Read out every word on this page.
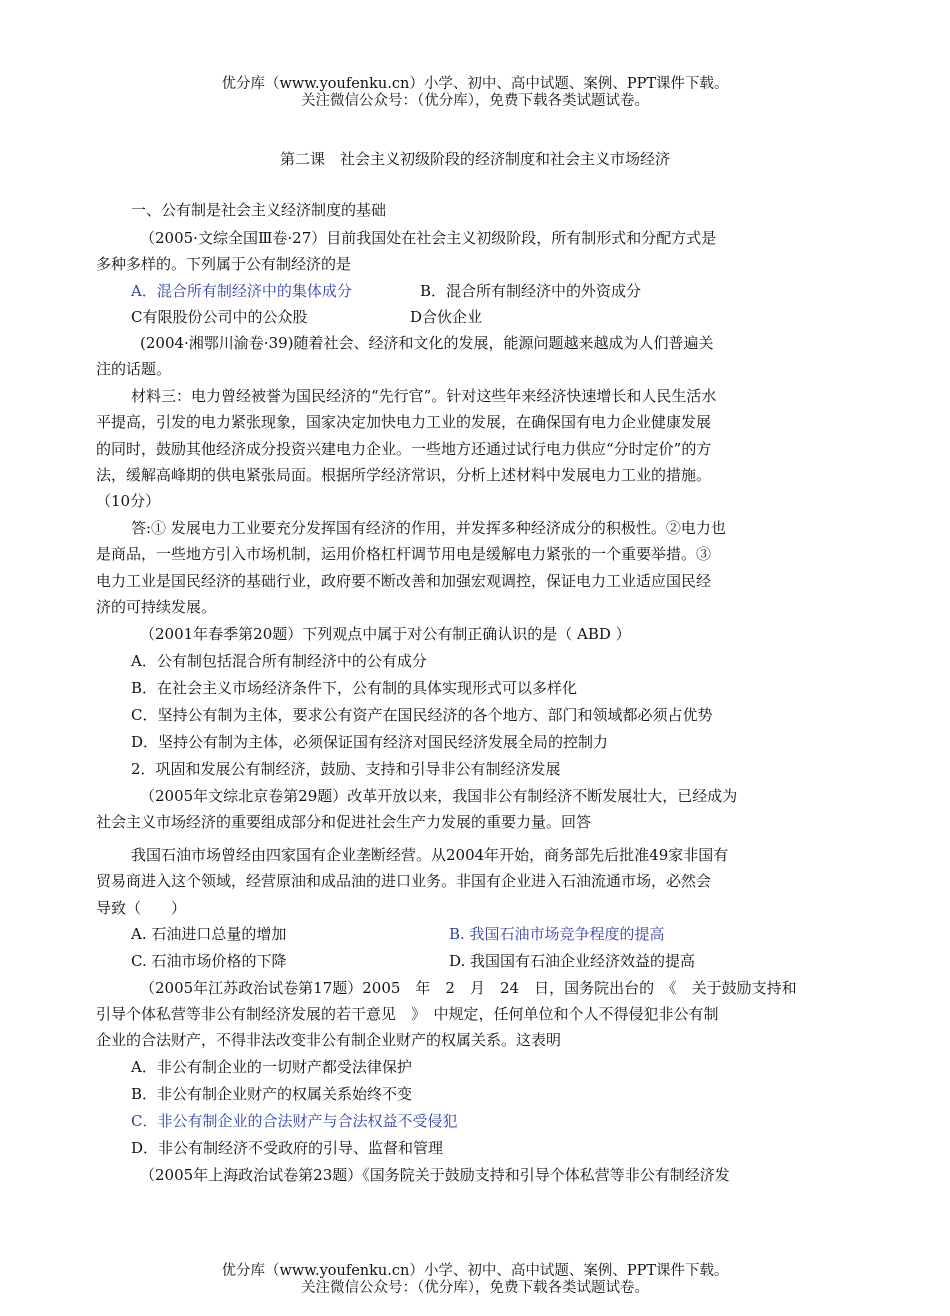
优分库（www.youfenku.cn）小学、初中、高中试题、案例、PPT课件下载。
关注微信公众号：（优分库），免费下载各类试题试卷。
第二课　社会主义初级阶段的经济制度和社会主义市场经济
一、公有制是社会主义经济制度的基础
（2005·文综全国Ⅲ卷·27）目前我国处在社会主义初级阶段，所有制形式和分配方式是
多种多样的。下列属于公有制经济的是
A．混合所有制经济中的集体成分	B．混合所有制经济中的外资成分
C有限股份公司中的公众股	D合伙企业
(2004·湘鄂川渝卷·39)随着社会、经济和文化的发展，能源问题越来越成为人们普遍关
注的话题。
材料三：电力曾经被誉为国民经济的“先行官”。针对这些年来经济快速增长和人民生活水
平提高，引发的电力紧张现象，国家决定加快电力工业的发展，在确保国有电力企业健康发展
的同时，鼓励其他经济成分投资兴建电力企业。一些地方还通过试行电力供应“分时定价”的方
法，缓解高峰期的供电紧张局面。根据所学经济常识，分析上述材料中发展电力工业的措施。
（10分）
答:① 发展电力工业要充分发挥国有经济的作用，并发挥多种经济成分的积极性。②电力也
是商品，一些地方引入市场机制，运用价格杠杆调节用电是缓解电力紧张的一个重要举措。③
电力工业是国民经济的基础行业，政府要不断改善和加强宏观调控，保证电力工业适应国民经
济的可持续发展。
（2001年春季第20题）下列观点中属于对公有制正确认识的是（ ABD ）
A．公有制包括混合所有制经济中的公有成分
B．在社会主义市场经济条件下，公有制的具体实现形式可以多样化
C．坚持公有制为主体，要求公有资产在国民经济的各个地方、部门和领域都必须占优势
D．坚持公有制为主体，必须保证国有经济对国民经济发展全局的控制力
2．巩固和发展公有制经济，鼓励、支持和引导非公有制经济发展
（2005年文综北京卷第29题）改革开放以来，我国非公有制经济不断发展壮大，已经成为
社会主义市场经济的重要组成部分和促进社会生产力发展的重要力量。回答
我国石油市场曾经由四家国有企业垄断经营。从2004年开始，商务部先后批准49家非国有
贸易商进入这个领域，经营原油和成品油的进口业务。非国有企业进入石油流通市场，必然会
导致（　　）
A. 石油进口总量的增加	B. 我国石油市场竞争程度的提高
C. 石油市场价格的下降	D. 我国国有石油企业经济效益的提高
（2005年江苏政治试卷第17题）2005　年　2　月　24　日，国务院出台的　《　关于鼓励支持和
引导个体私营等非公有制经济发展的若干意见　》　中规定，任何单位和个人不得侵犯非公有制
企业的合法财产，不得非法改变非公有制企业财产的权属关系。这表明
A．非公有制企业的一切财产都受法律保护
B．非公有制企业财产的权属关系始终不变
C．非公有制企业的合法财产与合法权益不受侵犯
D．非公有制经济不受政府的引导、监督和管理
（2005年上海政治试卷第23题）《国务院关于鼓励支持和引导个体私营等非公有制经济发
优分库（www.youfenku.cn）小学、初中、高中试题、案例、PPT课件下载。
关注微信公众号：（优分库），免费下载各类试题试卷。
